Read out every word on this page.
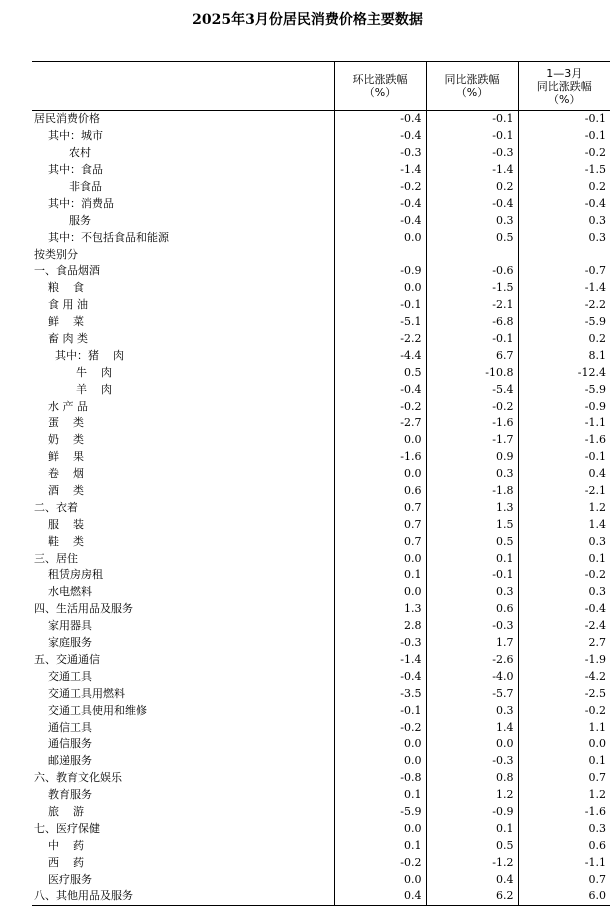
2025年3月份居民消费价格主要数据
	环比涨跌幅
（%）	同比涨跌幅
（%）	1—3月
同比涨跌幅
（%）
居民消费价格	-0.4	-0.1	-0.1
其中：城市	-0.4	-0.1	-0.1
农村	-0.3	-0.3	-0.2
其中：食品	-1.4	-1.4	-1.5
非食品	-0.2	0.2	0.2
其中：消费品	-0.4	-0.4	-0.4
服务	-0.4	0.3	0.3
其中：不包括食品和能源	0.0	0.5	0.3
按类别分			
一、食品烟酒	-0.9	-0.6	-0.7
粮    食	0.0	-1.5	-1.4
食 用 油	-0.1	-2.1	-2.2
鲜    菜	-5.1	-6.8	-5.9
畜 肉 类	-2.2	-0.1	0.2
其中：猪    肉	-4.4	6.7	8.1
牛    肉	0.5	-10.8	-12.4
羊    肉	-0.4	-5.4	-5.9
水 产 品	-0.2	-0.2	-0.9
蛋    类	-2.7	-1.6	-1.1
奶    类	0.0	-1.7	-1.6
鲜    果	-1.6	0.9	-0.1
卷    烟	0.0	0.3	0.4
酒    类	0.6	-1.8	-2.1
二、衣着	0.7	1.3	1.2
服    装	0.7	1.5	1.4
鞋    类	0.7	0.5	0.3
三、居住	0.0	0.1	0.1
租赁房房租	0.1	-0.1	-0.2
水电燃料	0.0	0.3	0.3
四、生活用品及服务	1.3	0.6	-0.4
家用器具	2.8	-0.3	-2.4
家庭服务	-0.3	1.7	2.7
五、交通通信	-1.4	-2.6	-1.9
交通工具	-0.4	-4.0	-4.2
交通工具用燃料	-3.5	-5.7	-2.5
交通工具使用和维修	-0.1	0.3	-0.2
通信工具	-0.2	1.4	1.1
通信服务	0.0	0.0	0.0
邮递服务	0.0	-0.3	0.1
六、教育文化娱乐	-0.8	0.8	0.7
教育服务	0.1	1.2	1.2
旅    游	-5.9	-0.9	-1.6
七、医疗保健	0.0	0.1	0.3
中    药	0.1	0.5	0.6
西    药	-0.2	-1.2	-1.1
医疗服务	0.0	0.4	0.7
八、其他用品及服务	0.4	6.2	6.0
